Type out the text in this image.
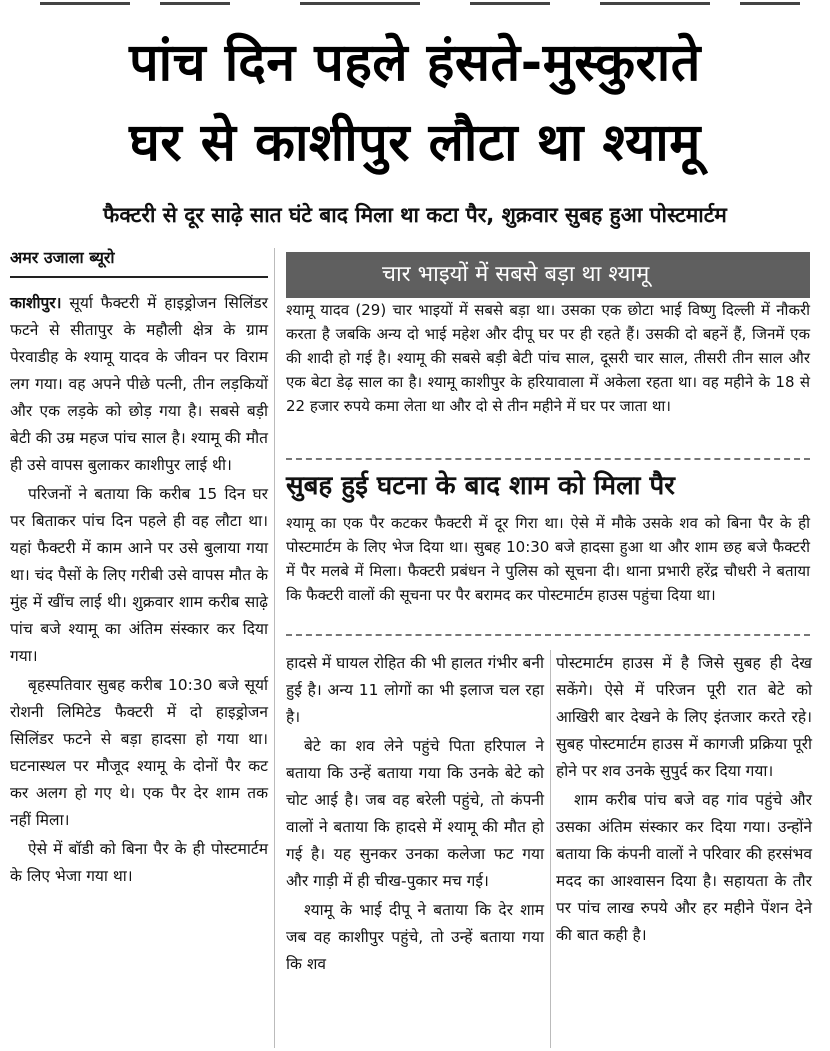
पांच दिन पहले हंसते-मुस्कुराते
घर से काशीपुर लौटा था श्यामू
फैक्टरी से दूर साढ़े सात घंटे बाद मिला था कटा पैर, शुक्रवार सुबह हुआ पोस्टमार्टम
अमर उजाला ब्यूरो

काशीपुर। सूर्या फैक्टरी में हाइड्रोजन सिलिंडर फटने से सीतापुर के महौली क्षेत्र के ग्राम पेरवाडीह के श्यामू यादव के जीवन पर विराम लग गया। वह अपने पीछे पत्नी, तीन लड़कियों और एक लड़के को छोड़ गया है। सबसे बड़ी बेटी की उम्र महज पांच साल है। श्यामू की मौत ही उसे वापस बुलाकर काशीपुर लाई थी।

परिजनों ने बताया कि करीब 15 दिन घर पर बिताकर पांच दिन पहले ही वह लौटा था। यहां फैक्टरी में काम आने पर उसे बुलाया गया था। चंद पैसों के लिए गरीबी उसे वापस मौत के मुंह में खींच लाई थी। शुक्रवार शाम करीब साढ़े पांच बजे श्यामू का अंतिम संस्कार कर दिया गया।

बृहस्पतिवार सुबह करीब 10:30 बजे सूर्या रोशनी लिमिटेड फैक्टरी में दो हाइड्रोजन सिलिंडर फटने से बड़ा हादसा हो गया था। घटनास्थल पर मौजूद श्यामू के दोनों पैर कट कर अलग हो गए थे। एक पैर देर शाम तक नहीं मिला।

ऐसे में बॉडी को बिना पैर के ही पोस्टमार्टम के लिए भेजा गया था।

चार भाइयों में सबसे बड़ा था श्यामू

श्यामू यादव (29) चार भाइयों में सबसे बड़ा था। उसका एक छोटा भाई विष्णु दिल्ली में नौकरी करता है जबकि अन्य दो भाई महेश और दीपू घर पर ही रहते हैं। उसकी दो बहनें हैं, जिनमें एक की शादी हो गई है। श्यामू की सबसे बड़ी बेटी पांच साल, दूसरी चार साल, तीसरी तीन साल और एक बेटा डेढ़ साल का है। श्यामू काशीपुर के हरियावाला में अकेला रहता था। वह महीने के 18 से 22 हजार रुपये कमा लेता था और दो से तीन महीने में घर पर जाता था।

सुबह हुई घटना के बाद शाम को मिला पैर

श्यामू का एक पैर कटकर फैक्टरी में दूर गिरा था। ऐसे में मौके उसके शव को बिना पैर के ही पोस्टमार्टम के लिए भेज दिया था। सुबह 10:30 बजे हादसा हुआ था और शाम छह बजे फैक्टरी में पैर मलबे में मिला। फैक्टरी प्रबंधन ने पुलिस को सूचना दी। थाना प्रभारी हरेंद्र चौधरी ने बताया कि फैक्टरी वालों की सूचना पर पैर बरामद कर पोस्टमार्टम हाउस पहुंचा दिया था।

हादसे में घायल रोहित की भी हालत गंभीर बनी हुई है। अन्य 11 लोगों का भी इलाज चल रहा है।

बेटे का शव लेने पहुंचे पिता हरिपाल ने बताया कि उन्हें बताया गया कि उनके बेटे को चोट आई है। जब वह बरेली पहुंचे, तो कंपनी वालों ने बताया कि हादसे में श्यामू की मौत हो गई है। यह सुनकर उनका कलेजा फट गया और गाड़ी में ही चीख-पुकार मच गई।

श्यामू के भाई दीपू ने बताया कि देर शाम जब वह काशीपुर पहुंचे, तो उन्हें बताया गया कि शव

पोस्टमार्टम हाउस में है जिसे सुबह ही देख सकेंगे। ऐसे में परिजन पूरी रात बेटे को आखिरी बार देखने के लिए इंतजार करते रहे। सुबह पोस्टमार्टम हाउस में कागजी प्रक्रिया पूरी होने पर शव उनके सुपुर्द कर दिया गया।

शाम करीब पांच बजे वह गांव पहुंचे और उसका अंतिम संस्कार कर दिया गया। उन्होंने बताया कि कंपनी वालों ने परिवार की हरसंभव मदद का आश्वासन दिया है। सहायता के तौर पर पांच लाख रुपये और हर महीने पेंशन देने की बात कही है।
